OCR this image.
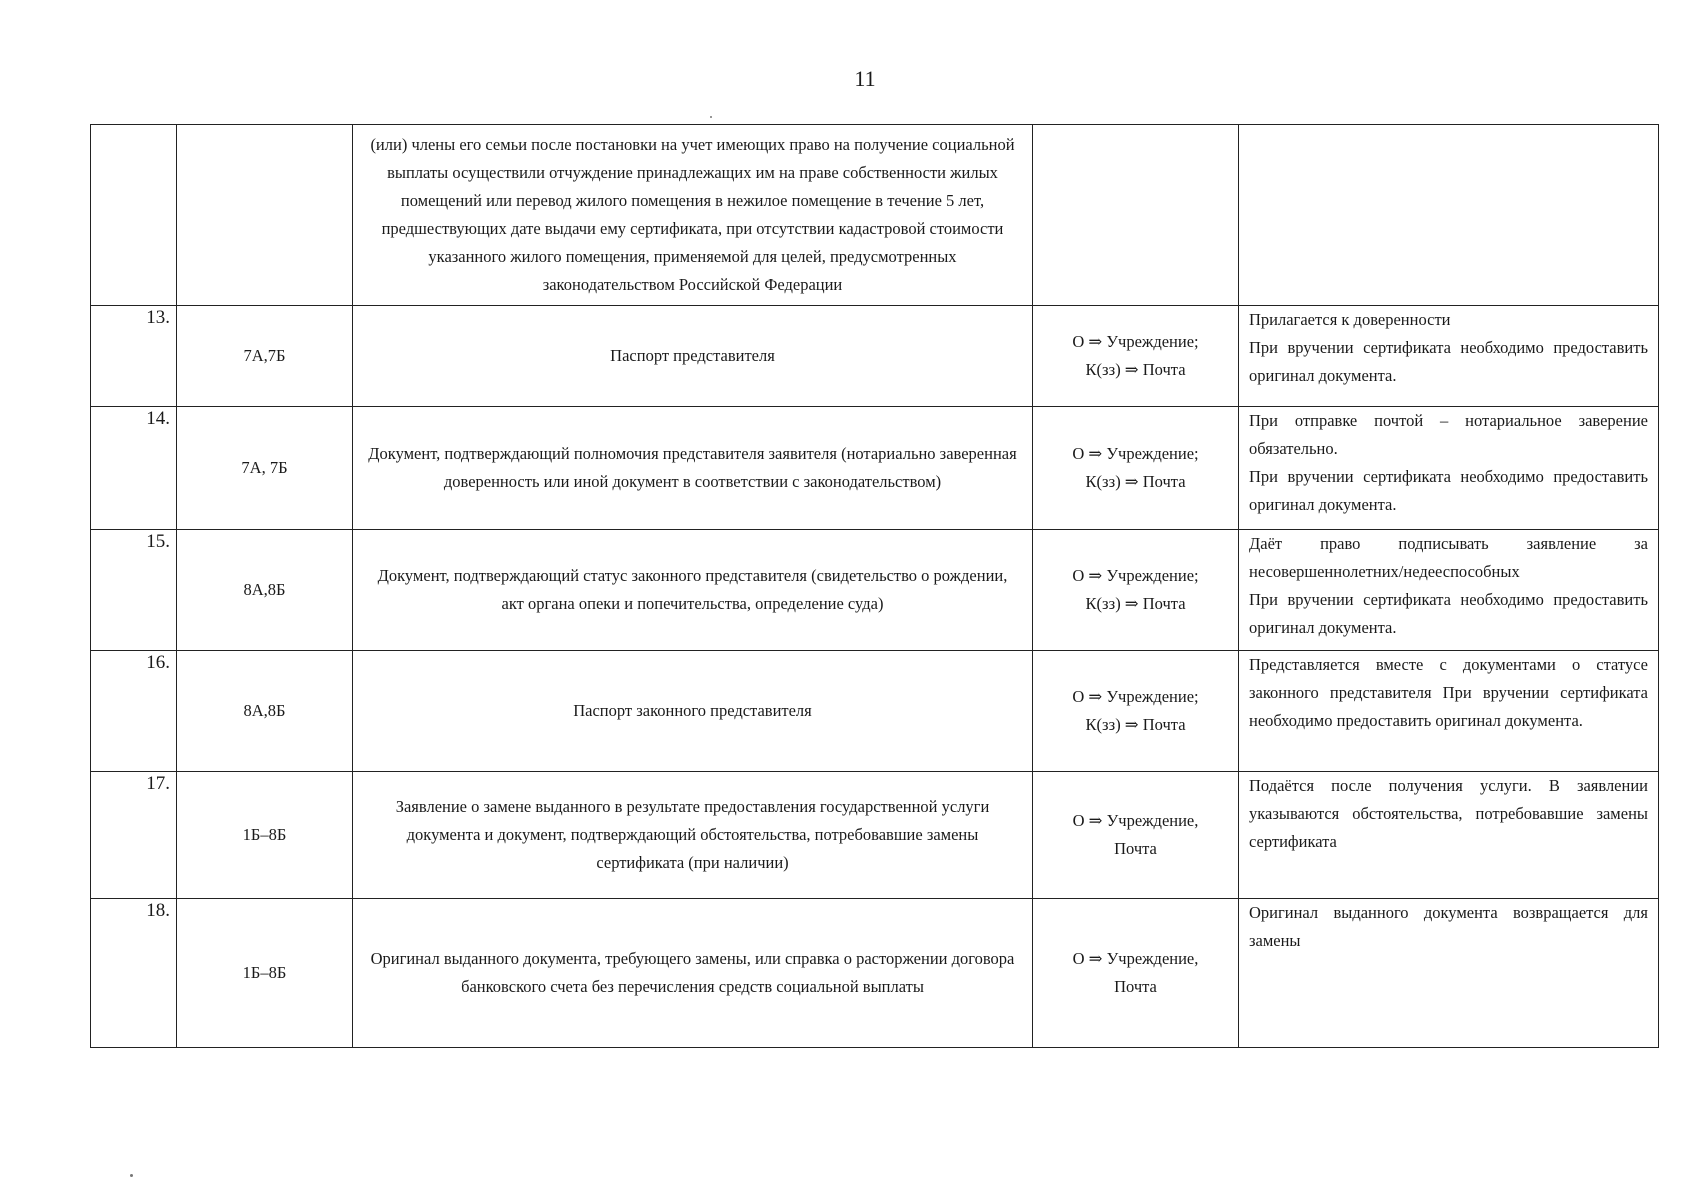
11
		(или) члены его семьи после постановки на учет имеющих право на получение социальной выплаты осуществили отчуждение принадлежащих им на праве собственности жилых помещений или перевод жилого помещения в нежилое помещение в течение 5 лет, предшествующих дате выдачи ему сертификата, при отсутствии кадастровой стоимости указанного жилого помещения, применяемой для целей, предусмотренных законодательством Российской Федерации		
13.	7А,7Б	Паспорт представителя	О ⇒ Учреждение;
К(зз) ⇒ Почта	Прилагается к доверенности
При вручении сертификата необходимо предоставить оригинал документа.

14.	7А, 7Б	Документ, подтверждающий полномочия представителя заявителя (нотариально заверенная доверенность или иной документ в соответствии с законодательством)	О ⇒ Учреждение;
К(зз) ⇒ Почта	При отправке почтой – нотариальное заверение обязательно.
При вручении сертификата необходимо предоставить оригинал документа.

15.	8А,8Б	Документ, подтверждающий статус законного представителя (свидетельство о рождении, акт органа опеки и попечительства, определение суда)	О ⇒ Учреждение;
К(зз) ⇒ Почта	Даёт право подписывать заявление за несовершеннолетних/недееспособных
При вручении сертификата необходимо предоставить оригинал документа.

16.	8А,8Б	Паспорт законного представителя	О ⇒ Учреждение;
К(зз) ⇒ Почта	Представляется вместе с документами о статусе законного представителя При вручении сертификата необходимо предоставить оригинал документа.

17.	1Б–8Б	Заявление о замене выданного в результате предоставления государственной услуги документа и документ, подтверждающий обстоятельства, потребовавшие замены сертификата (при наличии)	О ⇒ Учреждение,
Почта	Подаётся после получения услуги. В заявлении указываются обстоятельства, потребовавшие замены сертификата

18.	1Б–8Б	Оригинал выданного документа, требующего замены, или справка о расторжении договора банковского счета без перечисления средств социальной выплаты	О ⇒ Учреждение,
Почта	Оригинал выданного документа возвращается для замены
